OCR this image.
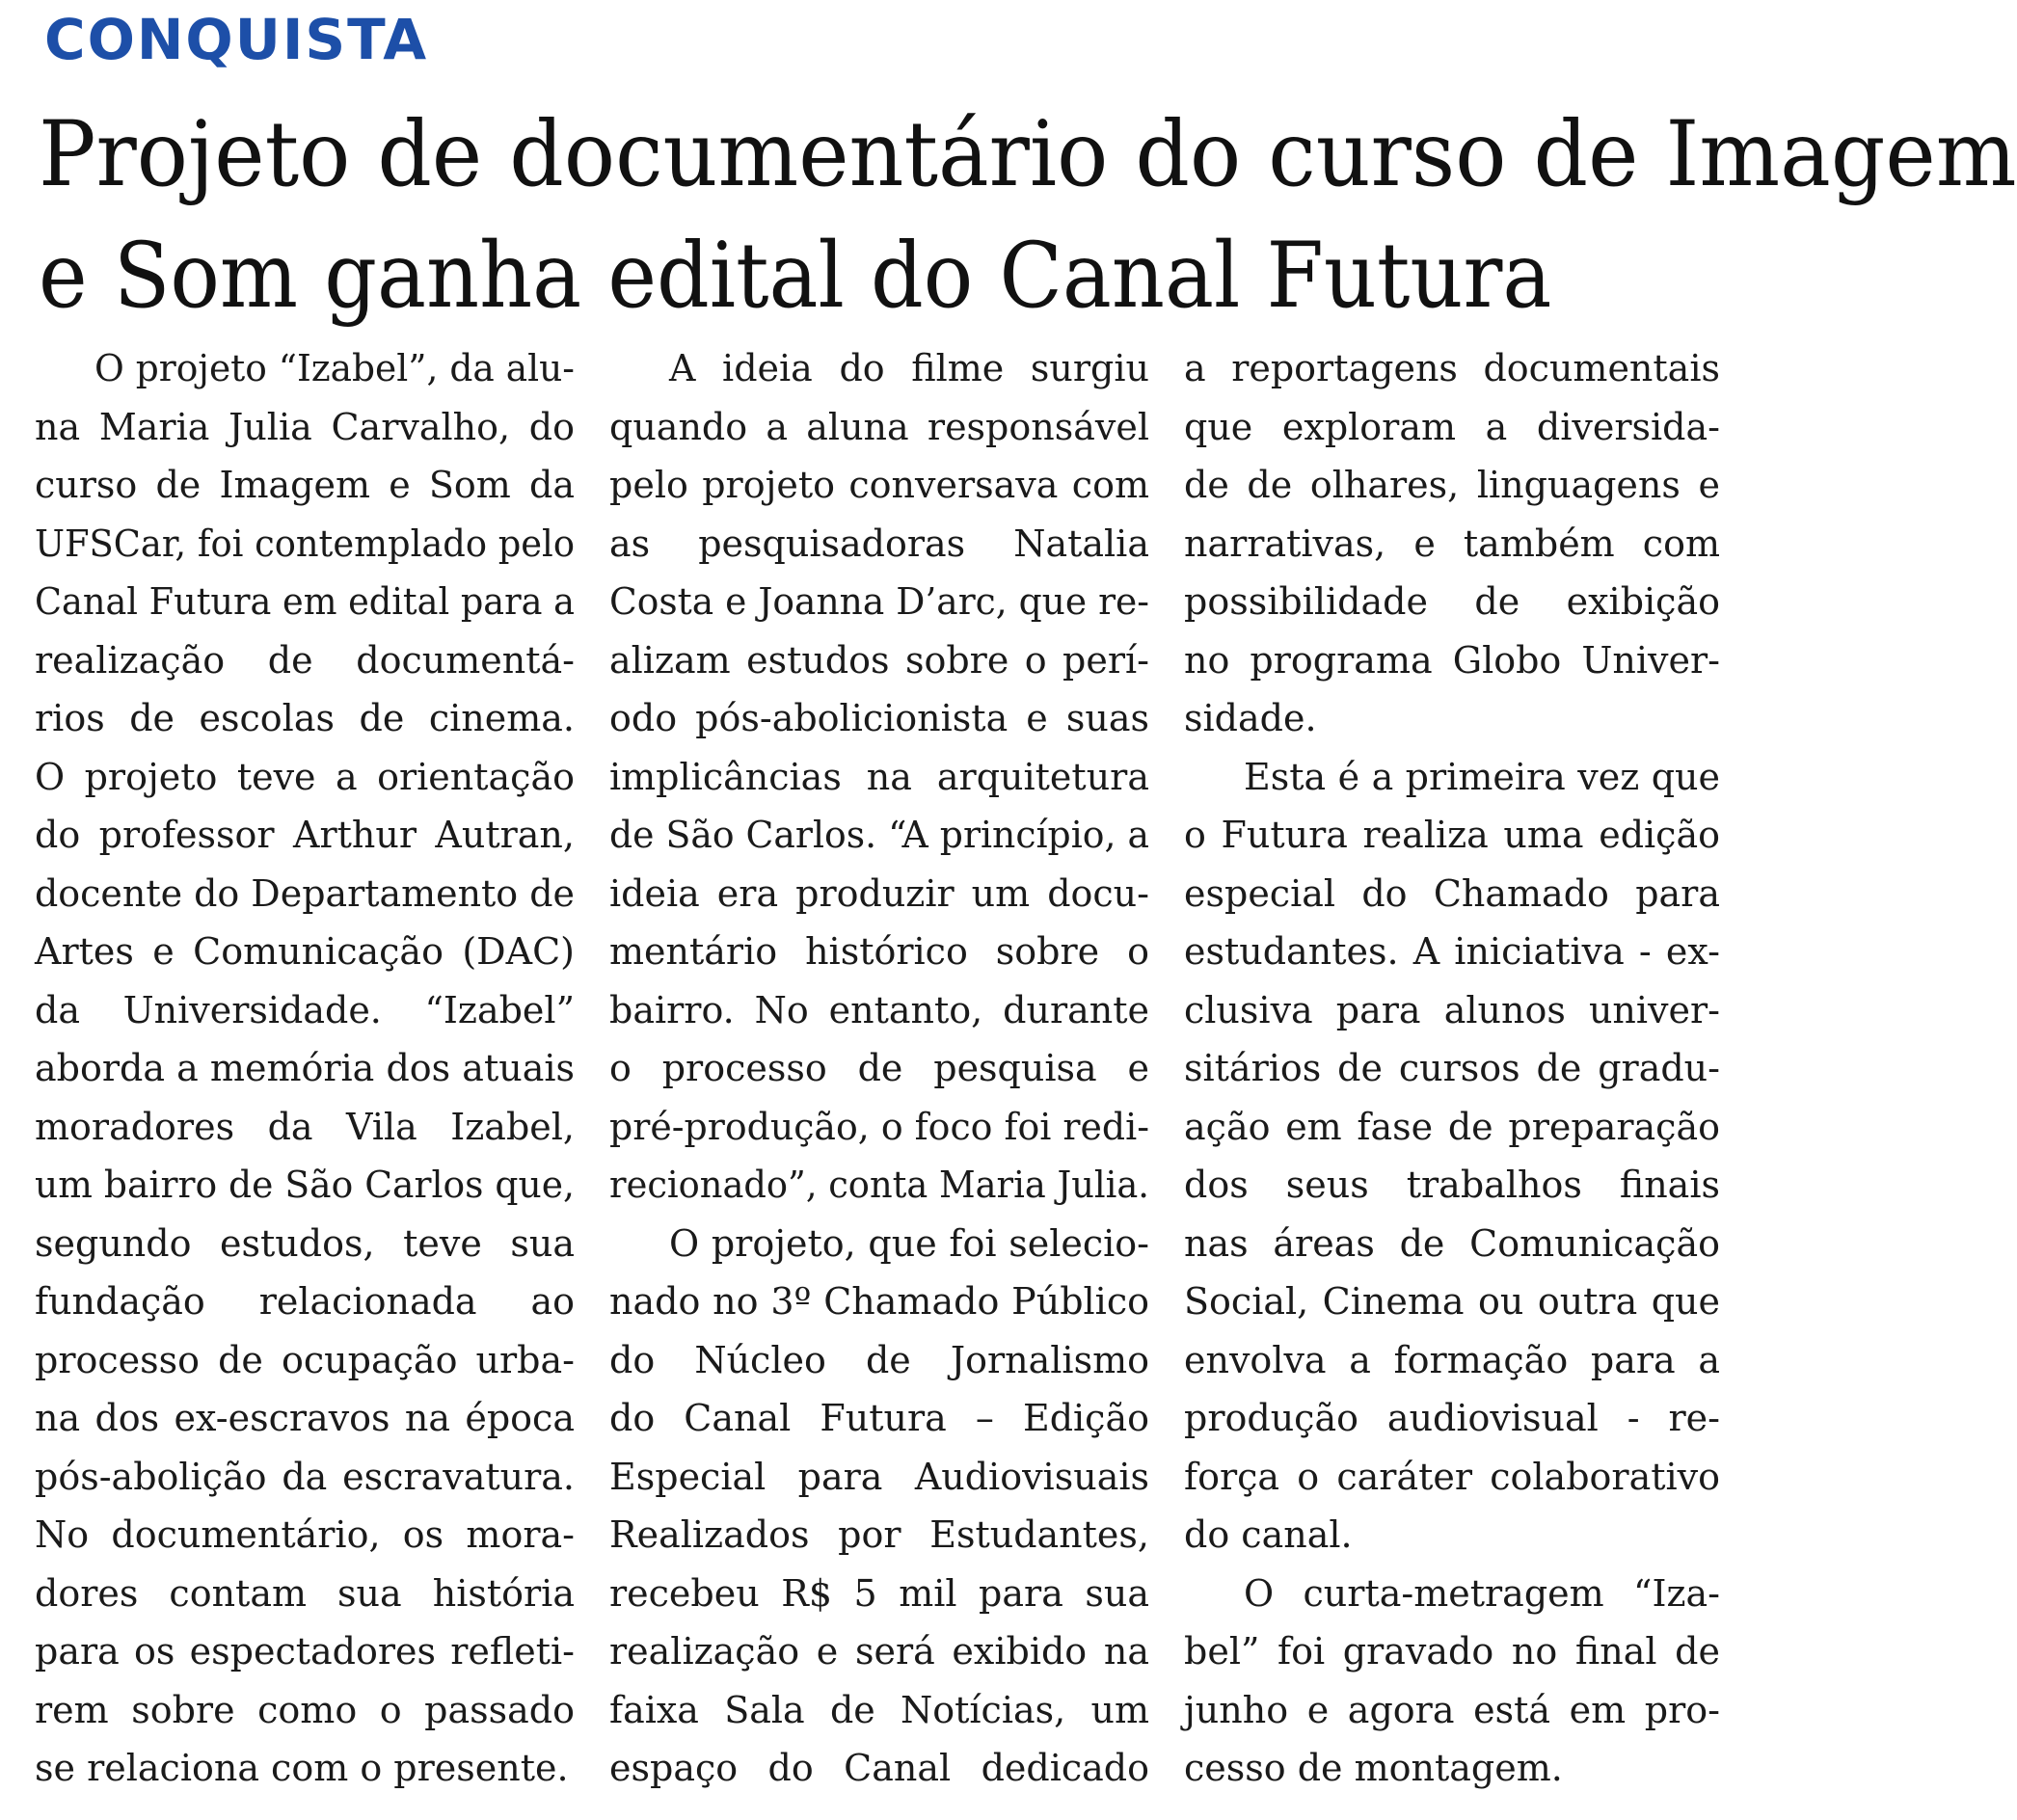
CONQUISTA
Projeto de documentário do curso de Imagem
e Som ganha edital do Canal Futura
O projeto “Izabel”, da alu-
na Maria Julia Carvalho, do
curso de Imagem e Som da
UFSCar, foi contemplado pelo
Canal Futura em edital para a
realização de documentá-
rios de escolas de cinema.
O projeto teve a orientação
do professor Arthur Autran,
docente do Departamento de
Artes e Comunicação (DAC)
da Universidade. “Izabel”
aborda a memória dos atuais
moradores da Vila Izabel,
um bairro de São Carlos que,
segundo estudos, teve sua
fundação relacionada ao
processo de ocupação urba-
na dos ex-escravos na época
pós-abolição da escravatura.
No documentário, os mora-
dores contam sua história
para os espectadores refleti-
rem sobre como o passado
se relaciona com o presente.
A ideia do filme surgiu
quando a aluna responsável
pelo projeto conversava com
as pesquisadoras Natalia
Costa e Joanna D’arc, que re-
alizam estudos sobre o perí-
odo pós-abolicionista e suas
implicâncias na arquitetura
de São Carlos. “A princípio, a
ideia era produzir um docu-
mentário histórico sobre o
bairro. No entanto, durante
o processo de pesquisa e
pré-produção, o foco foi redi-
recionado”, conta Maria Julia.
O projeto, que foi selecio-
nado no 3º Chamado Público
do Núcleo de Jornalismo
do Canal Futura – Edição
Especial para Audiovisuais
Realizados por Estudantes,
recebeu R$ 5 mil para sua
realização e será exibido na
faixa Sala de Notícias, um
espaço do Canal dedicado
a reportagens documentais
que exploram a diversida-
de de olhares, linguagens e
narrativas, e também com
possibilidade de exibição
no programa Globo Univer-
sidade.
Esta é a primeira vez que
o Futura realiza uma edição
especial do Chamado para
estudantes. A iniciativa - ex-
clusiva para alunos univer-
sitários de cursos de gradu-
ação em fase de preparação
dos seus trabalhos finais
nas áreas de Comunicação
Social, Cinema ou outra que
envolva a formação para a
produção audiovisual - re-
força o caráter colaborativo
do canal.
O curta-metragem “Iza-
bel” foi gravado no final de
junho e agora está em pro-
cesso de montagem.
